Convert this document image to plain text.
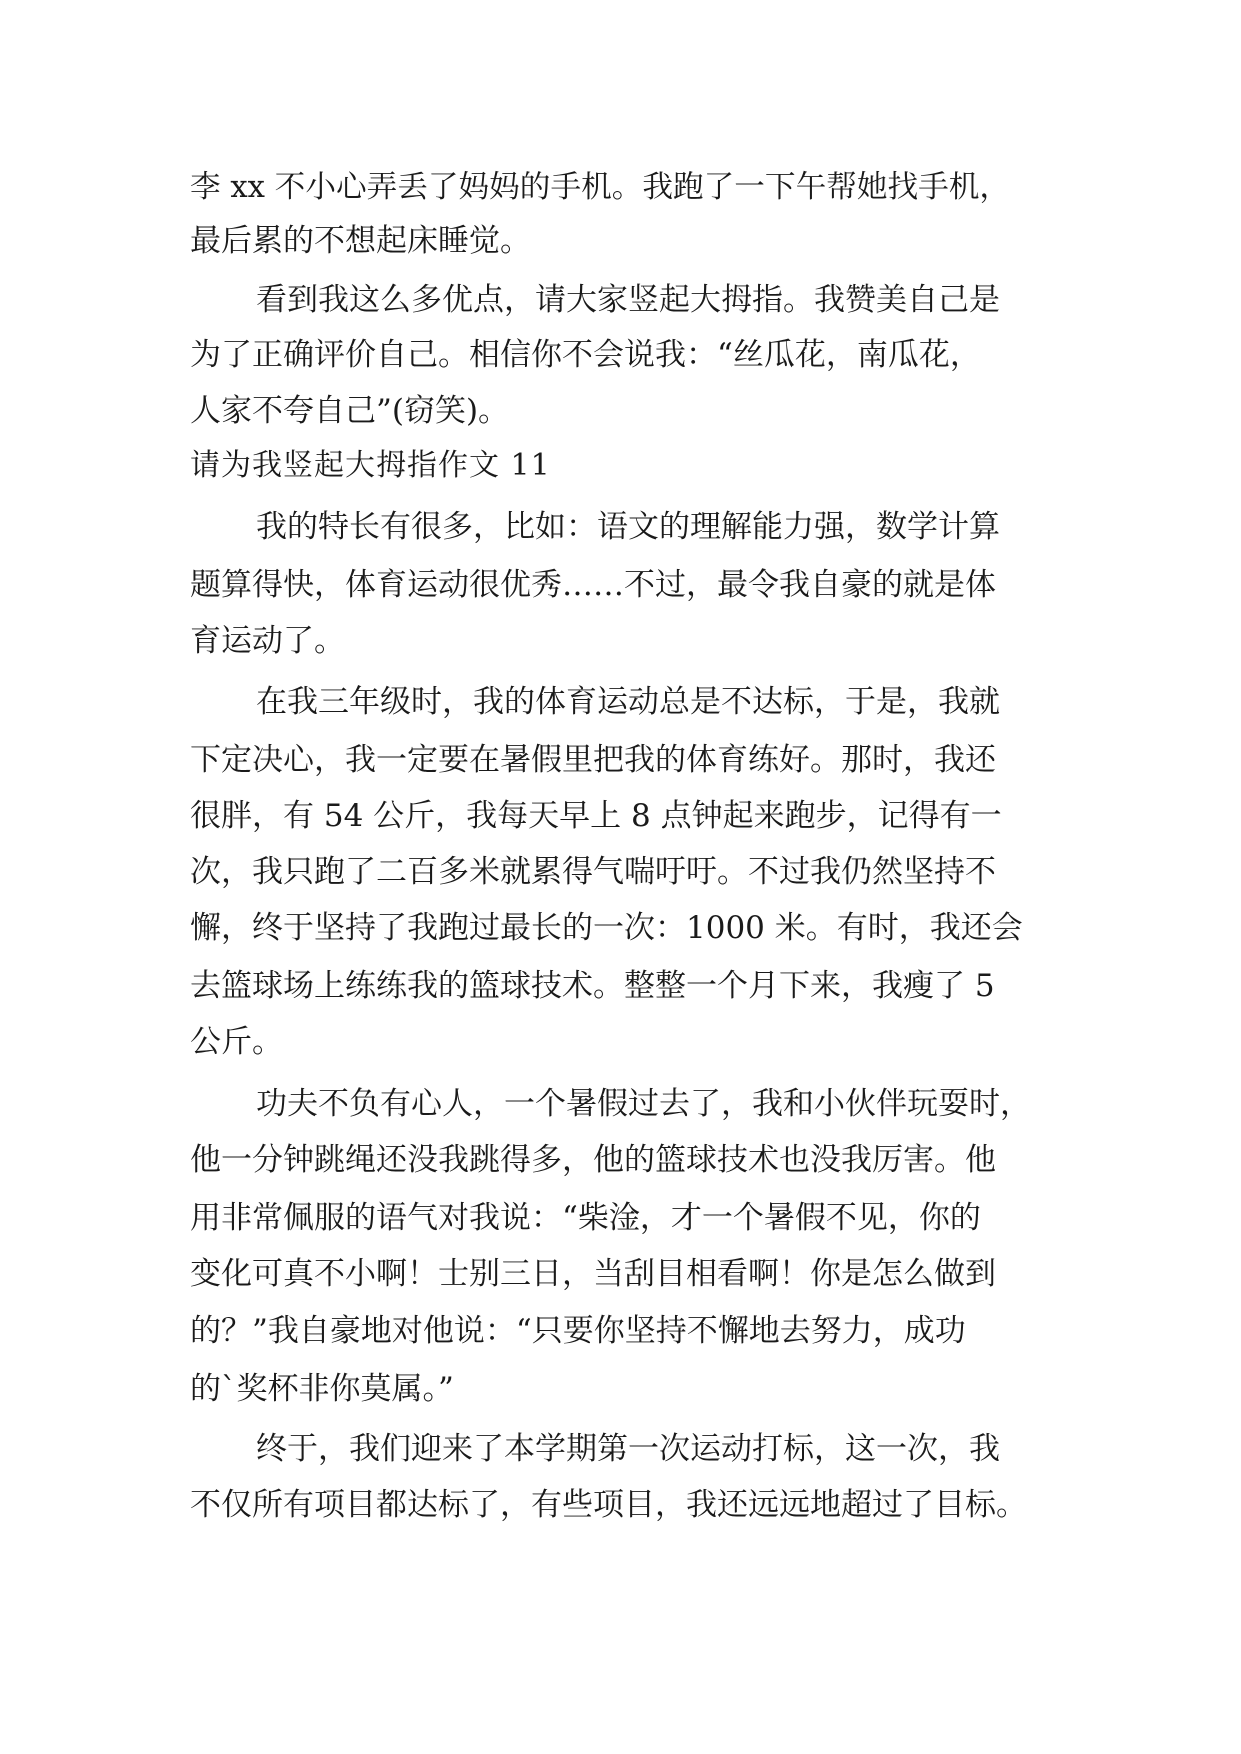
李 xx 不小心弄丢了妈妈的手机。我跑了一下午帮她找手机，
最后累的不想起床睡觉。
看到我这么多优点，请大家竖起大拇指。我赞美自己是
为了正确评价自己。相信你不会说我：“丝瓜花，南瓜花，
人家不夸自己”(窃笑)。
请为我竖起大拇指作文 11
我的特长有很多，比如：语文的理解能力强，数学计算
题算得快，体育运动很优秀……不过，最令我自豪的就是体
育运动了。
在我三年级时，我的体育运动总是不达标，于是，我就
下定决心，我一定要在暑假里把我的体育练好。那时，我还
很胖，有 54 公斤，我每天早上 8 点钟起来跑步，记得有一
次，我只跑了二百多米就累得气喘吁吁。不过我仍然坚持不
懈，终于坚持了我跑过最长的一次：1000 米。有时，我还会
去篮球场上练练我的篮球技术。整整一个月下来，我瘦了 5
公斤。
功夫不负有心人，一个暑假过去了，我和小伙伴玩耍时，
他一分钟跳绳还没我跳得多，他的篮球技术也没我厉害。他
用非常佩服的语气对我说：“柴淦，才一个暑假不见，你的
变化可真不小啊！士别三日，当刮目相看啊！你是怎么做到
的？”我自豪地对他说：“只要你坚持不懈地去努力，成功
的`奖杯非你莫属。”
终于，我们迎来了本学期第一次运动打标，这一次，我
不仅所有项目都达标了，有些项目，我还远远地超过了目标。
